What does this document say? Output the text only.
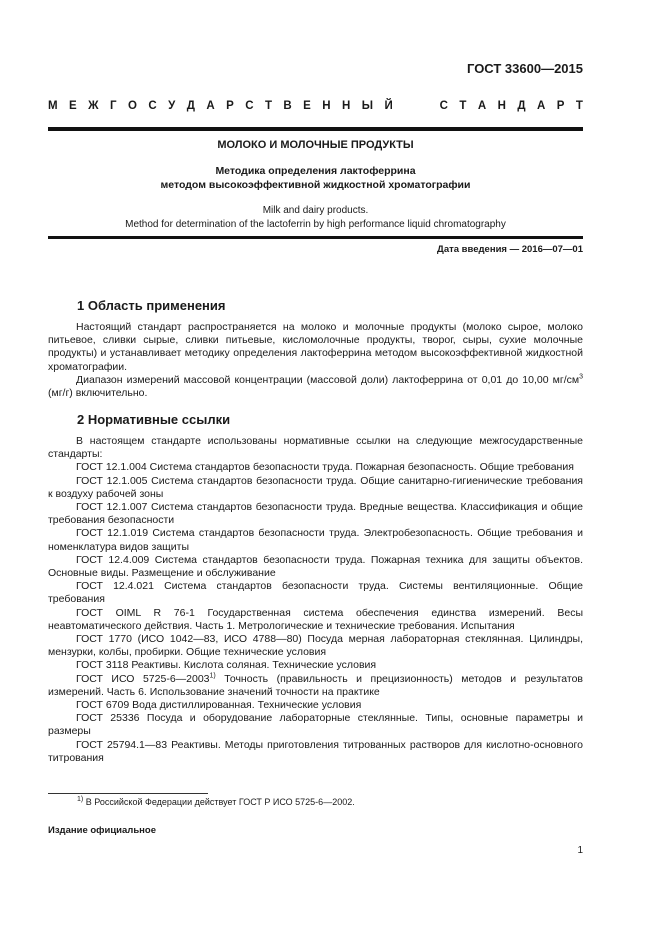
ГОСТ 33600—2015
М Е Ж Г О С У Д А Р С Т В Е Н Н Ы Й	С Т А Н Д А Р Т
МОЛОКО И МОЛОЧНЫЕ ПРОДУКТЫ
Методика определения лактоферрина
методом высокоэффективной жидкостной хроматографии
Milk and dairy products.
Method for determination of the lactoferrin by high performance liquid chromatography
Дата введения — 2016—07—01
1 Область применения

Настоящий стандарт распространяется на молоко и молочные продукты (молоко сырое, молоко питьевое, сливки сырые, сливки питьевые, кисломолочные продукты, творог, сыры, сухие молочные продукты) и устанавливает методику определения лактоферрина методом высокоэффективной жидкостной хроматографии.

Диапазон измерений массовой концентрации (массовой доли) лактоферрина от 0,01 до 10,00 $мг/см^3$ (мг/г) включительно.

2 Нормативные ссылки

В настоящем стандарте использованы нормативные ссылки на следующие межгосударственные стандарты:

ГОСТ 12.1.004 Система стандартов безопасности труда. Пожарная безопасность. Общие требования

ГОСТ 12.1.005 Система стандартов безопасности труда. Общие санитарно-гигиенические требования к воздуху рабочей зоны

ГОСТ 12.1.007 Система стандартов безопасности труда. Вредные вещества. Классификация и общие требования безопасности

ГОСТ 12.1.019 Система стандартов безопасности труда. Электробезопасность. Общие требования и номенклатура видов защиты

ГОСТ 12.4.009 Система стандартов безопасности труда. Пожарная техника для защиты объектов. Основные виды. Размещение и обслуживание

ГОСТ 12.4.021 Система стандартов безопасности труда. Системы вентиляционные. Общие требования

ГОСТ OIML R 76-1 Государственная система обеспечения единства измерений. Весы неавтоматического действия. Часть 1. Метрологические и технические требования. Испытания

ГОСТ 1770 (ИСО 1042—83, ИСО 4788—80) Посуда мерная лабораторная стеклянная. Цилиндры, мензурки, колбы, пробирки. Общие технические условия

ГОСТ 3118 Реактивы. Кислота соляная. Технические условия

ГОСТ ИСО 5725-6—2003$^{1)}$ Точность (правильность и прецизионность) методов и результатов измерений. Часть 6. Использование значений точности на практике

ГОСТ 6709 Вода дистиллированная. Технические условия

ГОСТ 25336 Посуда и оборудование лабораторные стеклянные. Типы, основные параметры и размеры

ГОСТ 25794.1—83 Реактивы. Методы приготовления титрованных растворов для кислотно-основного титрования

$^{1)}$ В Российской Федерации действует ГОСТ Р ИСО 5725-6—2002.
Издание официальное
1
